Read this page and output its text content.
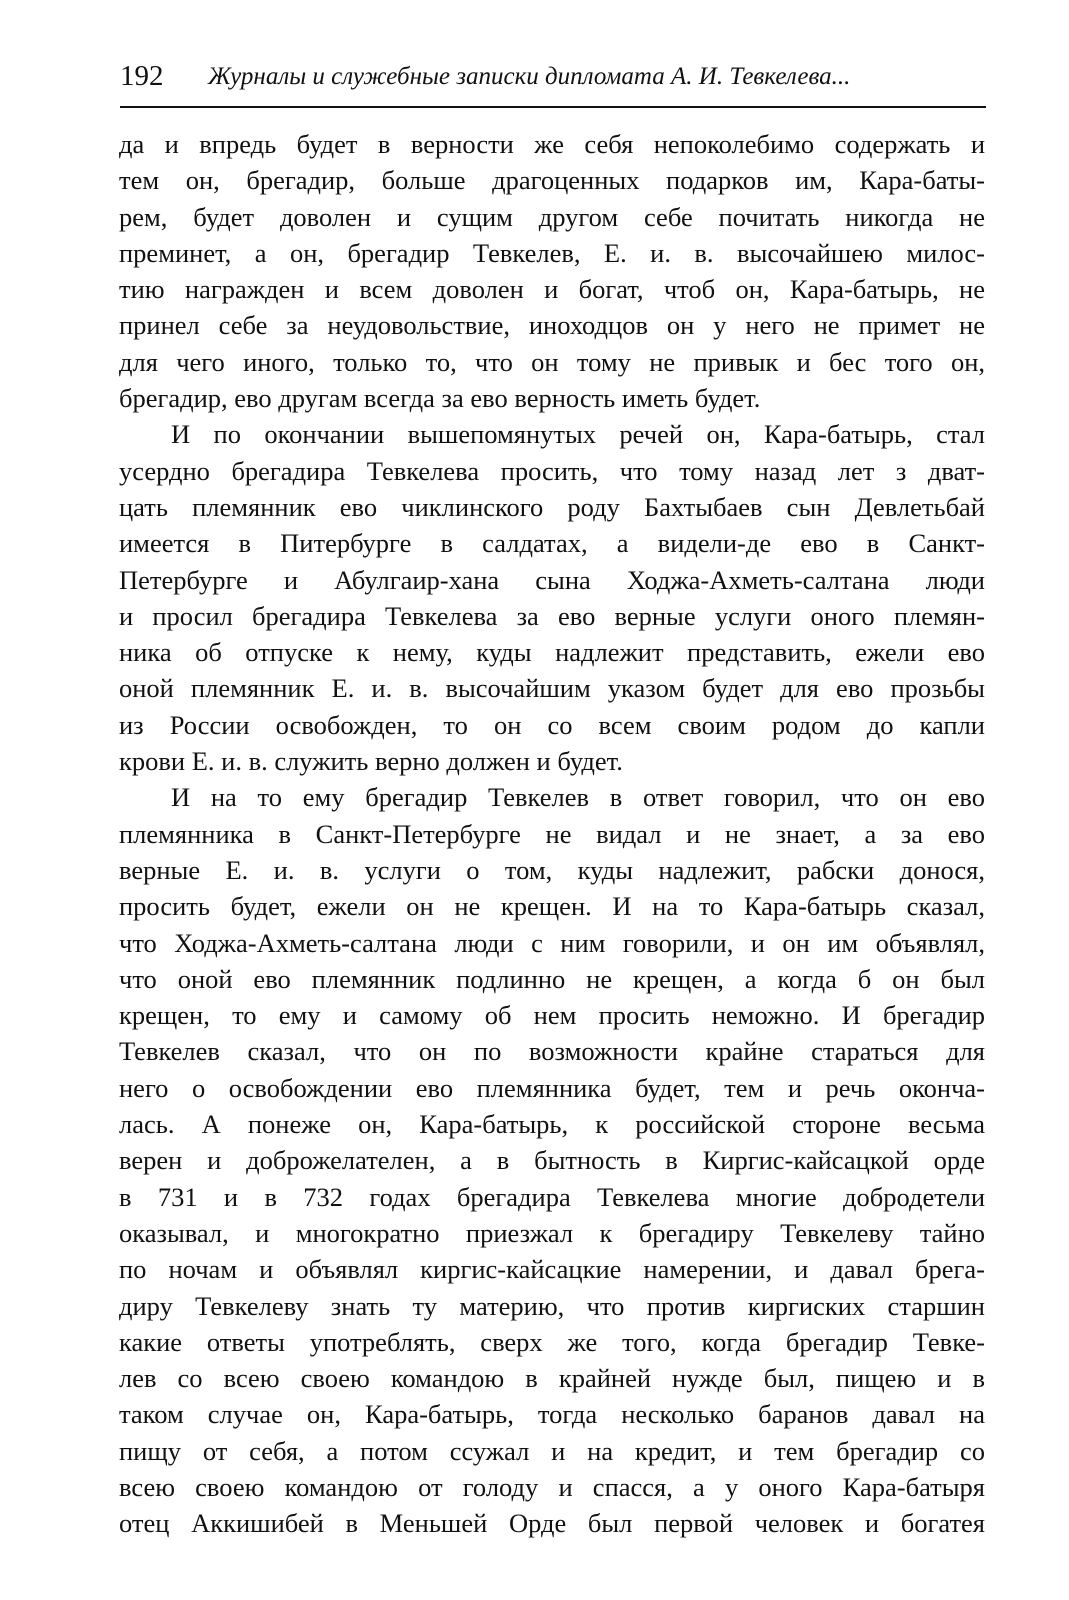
192 Журналы и служебные записки дипломата А. И. Тевкелева...
да и впредь будет в верности же себя непоколебимо содержать и
тем он, брегадир, больше драгоценных подарков им, Кара-баты-
рем, будет доволен и сущим другом себе почитать никогда не
преминет, а он, брегадир Тевкелев, Е. и. в. высочайшею милос-
тию награжден и всем доволен и богат, чтоб он, Кара-батырь, не
принел себе за неудовольствие, иноходцов он у него не примет не
для чего иного, только то, что он тому не привык и бес того он,
брегадир, ево другам всегда за ево верность иметь будет.
И по окончании вышепомянутых речей он, Кара-батырь, стал
усердно брегадира Тевкелева просить, что тому назад лет з дват-
цать племянник ево чиклинского роду Бахтыбаев сын Девлетьбай
имеется в Питербурге в салдатах, а видели-де ево в Санкт-
Петербурге и Абулгаир-хана сына Ходжа-Ахметь-салтана люди
и просил брегадира Тевкелева за ево верные услуги оного племян-
ника об отпуске к нему, куды надлежит представить, ежели ево
оной племянник Е. и. в. высочайшим указом будет для ево прозьбы
из России освобожден, то он со всем своим родом до капли
крови Е. и. в. служить верно должен и будет.
И на то ему брегадир Тевкелев в ответ говорил, что он ево
племянника в Санкт-Петербурге не видал и не знает, а за ево
верные Е. и. в. услуги о том, куды надлежит, рабски донося,
просить будет, ежели он не крещен. И на то Кара-батырь сказал,
что Ходжа-Ахметь-салтана люди с ним говорили, и он им объявлял,
что оной ево племянник подлинно не крещен, а когда б он был
крещен, то ему и самому об нем просить неможно. И брегадир
Тевкелев сказал, что он по возможности крайне стараться для
него о освобождении ево племянника будет, тем и речь оконча-
лась. А понеже он, Кара-батырь, к российской стороне весьма
верен и доброжелателен, а в бытность в Киргис-кайсацкой орде
в 731 и в 732 годах брегадира Тевкелева многие добродетели
оказывал, и многократно приезжал к брегадиру Тевкелеву тайно
по ночам и объявлял киргис-кайсацкие намерении, и давал брега-
диру Тевкелеву знать ту материю, что против киргиских старшин
какие ответы употреблять, сверх же того, когда брегадир Тевке-
лев со всею своею командою в крайней нужде был, пищею и в
таком случае он, Кара-батырь, тогда несколько баранов давал на
пищу от себя, а потом ссужал и на кредит, и тем брегадир со
всею своею командою от голоду и спасся, а у оного Кара-батыря
отец Аккишибей в Меньшей Орде был первой человек и богатея
